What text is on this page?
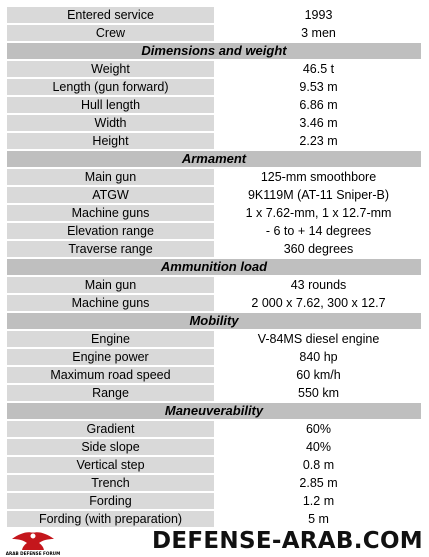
Entered service	1993
Crew	3 men
Dimensions and weight	
Weight	46.5 t
Length (gun forward)	9.53 m
Hull length	6.86 m
Width	3.46 m
Height	2.23 m
Armament	
Main gun	125-mm smoothbore
ATGW	9K119M (AT-11 Sniper-B)
Machine guns	1 x 7.62-mm, 1 x 12.7-mm
Elevation range	- 6 to + 14 degrees
Traverse range	360 degrees
Ammunition load	
Main gun	43 rounds
Machine guns	2 000 x 7.62, 300 x 12.7
Mobility	
Engine	V-84MS diesel engine
Engine power	840 hp
Maximum road speed	60 km/h
Range	550 km
Maneuverability	
Gradient	60%
Side slope	40%
Vertical step	0.8 m
Trench	2.85 m
Fording	1.2 m
Fording (with preparation)	5 m
ARAB DEFENSE FORUM	DEFENSE-ARAB.COM
